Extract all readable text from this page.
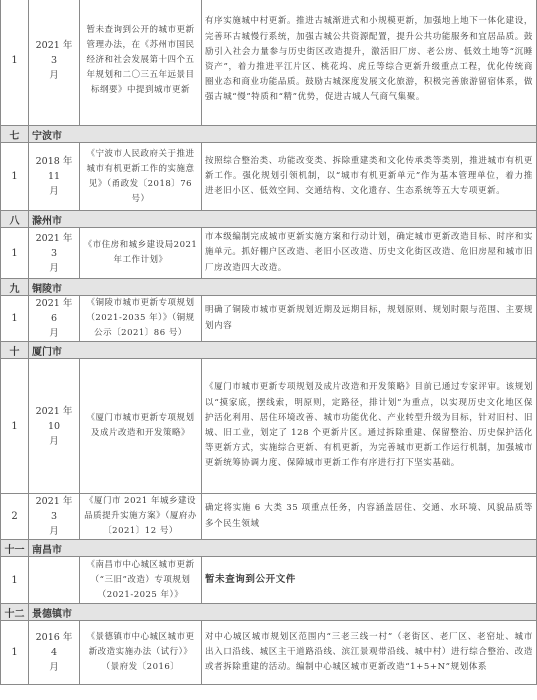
1	2021 年 3
月	暂未查询到公开的城市更新管理办法，在《苏州市国民经济和社会发展第十四个五年规划和二〇三五年远景目标纲要》中提到城市更新	有序实施城中村更新。推进古城渐进式和小规模更新，加强地上地下一体化建设，完善环古城慢行系统，加强古城公共资源配置，提升公共功能服务和宜居品质。鼓励引入社会力量参与历史街区改造提升，激活旧厂房、老公房、低效土地等“沉睡资产”，着力推进平江片区、桃花坞、虎丘等综合更新升级重点工程，优化传统商圈业态和商业功能品质。鼓励古城深度发展文化旅游，积极完善旅游留宿体系，做强古城“慢”特质和“精”优势，促进古城人气商气集聚。
七	宁波市		
1	2018 年 11
月	《宁波市人民政府关于推进城市有机更新工作的实施意见》（甬政发〔2018〕76 号）	按照综合整治类、功能改变类、拆除重建类和文化传承类等类别，推进城市有机更新工作。强化规划引领机制，以“城市有机更新单元”作为基本管理单位，着力推进老旧小区、低效空间、交通结构、文化遗存、生态系统等五大专项更新。
八	滁州市		
1	2021 年 3
月	《市住房和城乡建设局2021 年工作计划》	市本级编制完成城市更新实施方案和行动计划，确定城市更新改造目标、时序和实施单元。抓好棚户区改造、老旧小区改造、历史文化街区改造、危旧房屋和城市旧厂房改造四大改造。
九	铜陵市		
1	2021 年 6
月	《铜陵市城市更新专项规划（2021-2035 年）》（铜规公示〔2021〕86 号）	明确了铜陵市城市更新规划近期及远期目标，规划原则、规划时限与范围、主要规划内容
十	厦门市		
1	2021 年 10
月	《厦门市城市更新专项规划及成片改造和开发策略》	《厦门市城市更新专项规划及成片改造和开发策略》目前已通过专家评审。该规划以“摸家底，摆线索，明原则，定路径，排计划”为重点，以实现历史文化地区保护活化利用、居住环境改善、城市功能优化、产业转型升级为目标，针对旧村、旧城、旧工业，划定了 128 个更新片区。通过拆除重建、保留整治、历史保护活化等更新方式，实施综合更新、有机更新，为完善城市更新工作运行机制，加强城市更新统筹协调力度、保障城市更新工作有序进行打下坚实基础。
2	2021 年 3
月	《厦门市 2021 年城乡建设品质提升实施方案》（厦府办〔2021〕12 号）	确定将实施 6 大类 35 项重点任务，内容涵盖居住、交通、水环境、风貌品质等多个民生领域
十一	南昌市		
1		《南昌市中心城区城市更新（“三旧”改造）专项规划（2021-2025 年）》	暂未查询到公开文件
十二	景德镇市		
1	2016 年 4
月	《景德镇市中心城区城市更新改造实施办法（试行）》（景府发〔2016〕	对中心城区城市规划区范围内“三老三线一村”（老街区、老厂区、老窑址、城市出入口沿线、城区主干道路沿线、滨江景观带沿线、城中村）进行综合整治、改造或者拆除重建的活动。编制中心城区城市更新改造“1+5+N”规划体系
